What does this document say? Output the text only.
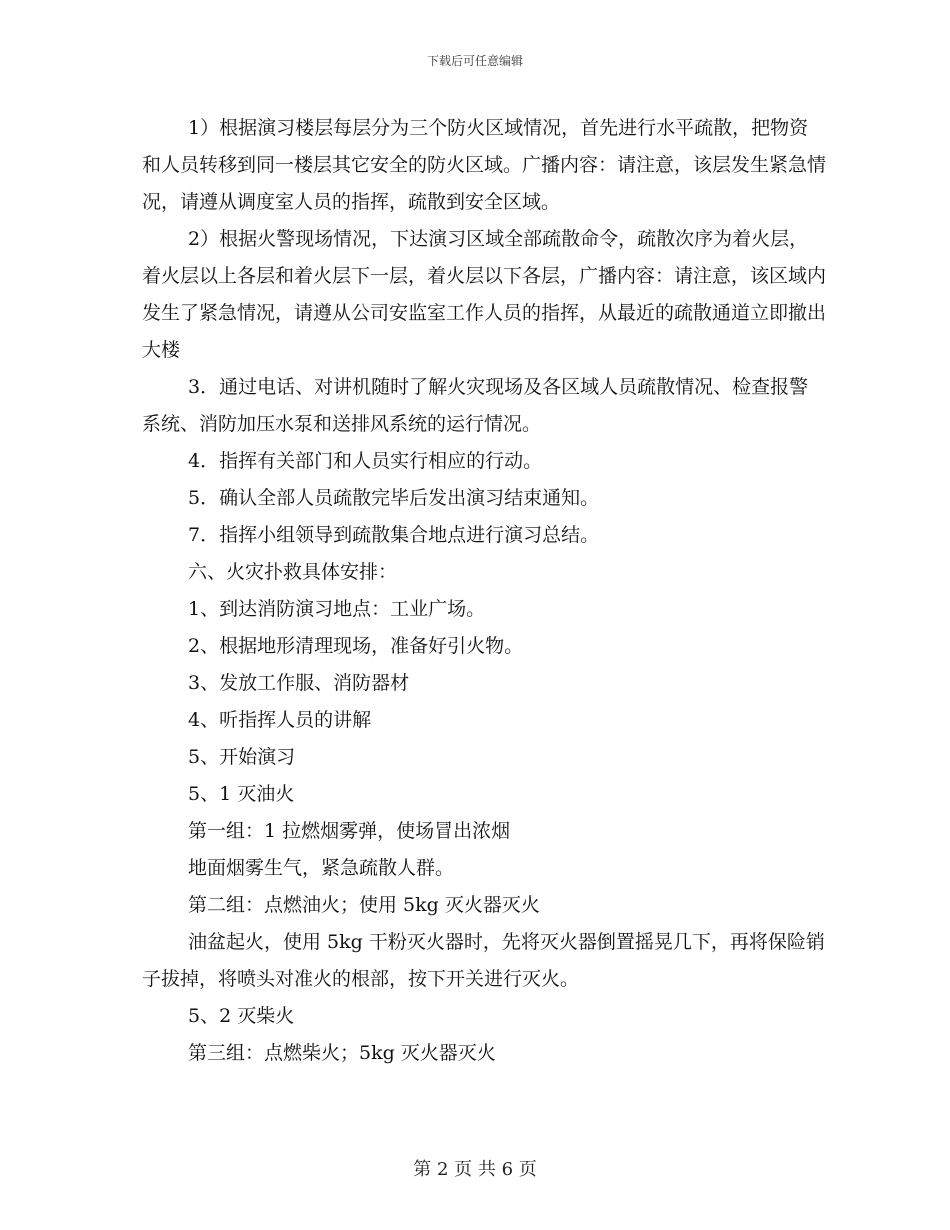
下载后可任意编辑

1）根据演习楼层每层分为三个防火区域情况，首先进行水平疏散，把物资和人员转移到同一楼层其它安全的防火区域。广播内容：请注意，该层发生紧急情况，请遵从调度室人员的指挥，疏散到安全区域。

2）根据火警现场情况，下达演习区域全部疏散命令，疏散次序为着火层，着火层以上各层和着火层下一层，着火层以下各层，广播内容：请注意，该区域内发生了紧急情况，请遵从公司安监室工作人员的指挥，从最近的疏散通道立即撤出大楼

3．通过电话、对讲机随时了解火灾现场及各区域人员疏散情况、检查报警系统、消防加压水泵和送排风系统的运行情况。

4．指挥有关部门和人员实行相应的行动。

5．确认全部人员疏散完毕后发出演习结束通知。

7．指挥小组领导到疏散集合地点进行演习总结。

六、火灾扑救具体安排：

1、到达消防演习地点：工业广场。

2、根据地形清理现场，准备好引火物。

3、发放工作服、消防器材

4、听指挥人员的讲解

5、开始演习

5、1 灭油火

第一组：1 拉燃烟雾弹，使场冒出浓烟

地面烟雾生气，紧急疏散人群。

第二组：点燃油火；使用 5kg 灭火器灭火

油盆起火，使用 5kg 干粉灭火器时，先将灭火器倒置摇晃几下，再将保险销子拔掉，将喷头对准火的根部，按下开关进行灭火。

5、2 灭柴火

第三组：点燃柴火；5kg 灭火器灭火

第 2 页 共 6 页
